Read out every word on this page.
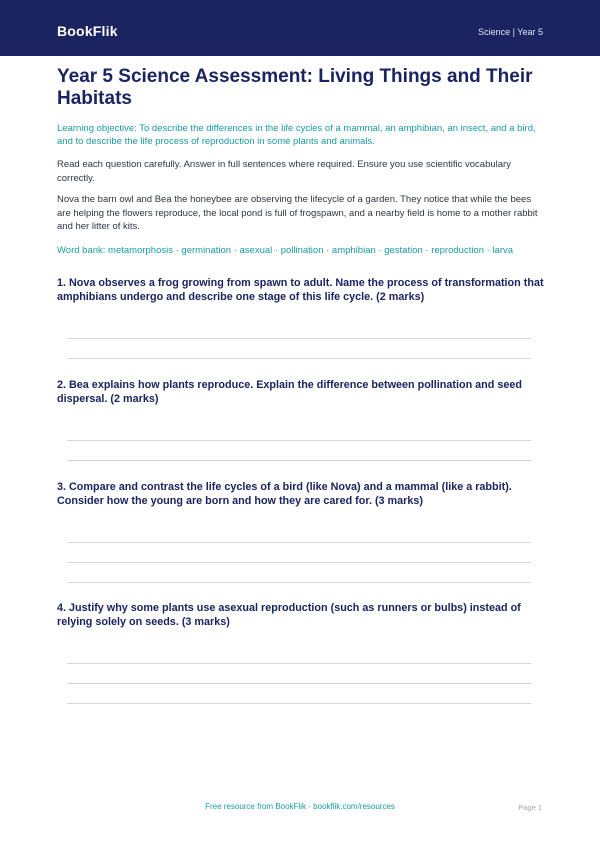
BookFlik	Science | Year 5
Year 5 Science Assessment: Living Things and Their Habitats

Learning objective: To describe the differences in the life cycles of a mammal, an amphibian, an insect, and a bird, and to describe the life process of reproduction in some plants and animals.

Read each question carefully. Answer in full sentences where required. Ensure you use scientific vocabulary correctly.

Nova the barn owl and Bea the honeybee are observing the lifecycle of a garden. They notice that while the bees are helping the flowers reproduce, the local pond is full of frogspawn, and a nearby field is home to a mother rabbit and her litter of kits.

Word bank: metamorphosis · germination · asexual · pollination · amphibian · gestation · reproduction · larva

1. Nova observes a frog growing from spawn to adult. Name the process of transformation that amphibians undergo and describe one stage of this life cycle. (2 marks)

2. Bea explains how plants reproduce. Explain the difference between pollination and seed dispersal. (2 marks)

3. Compare and contrast the life cycles of a bird (like Nova) and a mammal (like a rabbit). Consider how the young are born and how they are cared for. (3 marks)

4. Justify why some plants use asexual reproduction (such as runners or bulbs) instead of relying solely on seeds. (3 marks)

Free resource from BookFlik · bookflik.com/resources	Page 1
